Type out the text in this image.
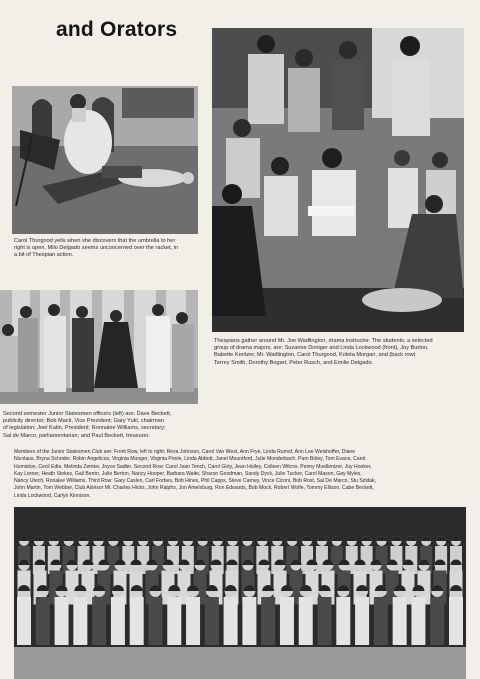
and Orators
Carol Thurgood yells when she discovers that the umbrella to her
right is open. Milo Delgado seems unconcerned over the racket, in
a bit of Thespian action.
Thespians gather around Mr. Joe Wadlington, drama instructor. The students, a selected
group of drama majors, are: Suzanne Doniger and Linda Lockwood (front), Joy Burton,
Babette Kreitzer, Mr. Wadlington, Carol Thurgood, Koleta Morgan, and (back row)
Terrey Smith, Dorothy Bogart, Peter Rusch, and Emilie Delgado.
Second semester Junior Statesmen officers (left) are: Dave Beckett,
publicity director; Bob Mack, Vice President; Gary Yukl, chairman
of legislation; Joel Katin, President; Ronnalee Williams, secretary;
Sal de Marco, parliamentarian; and Paul Beckett, treasurer.
Members of the Junior Statesmen Club are: Front Row, left to right: Reva Johnson, Carol Van West, Ann Frye, Linda Rumof, Ann Lee Welshoffer, Diane
Nicolaus, Bryna Schrider, Robin Angelicos, Virginia Munger, Virginia Poole, Linda Abbott, Janet Mountford, Julie Monderbach, Pam Briley, Tom Evans, Carol
Humiston, Cecil Edie, Melinda Zemke, Joyce Sadler. Second Row: Carol Jean Tench, Carol Girty, Jean Holley, Colleen Wilcox, Penny Muellenizer, Joy Hooker,
Kay Lerner, Heath Stokes, Gail Berrin, Julie Berton, Nancy Hooper, Barbara Waite, Sharon Goodman, Sandy Dyck, Julie Tucker, Carol Mason, Gay Myles,
Nancy Utech, Ronalee Williams. Third Row: Gary Caslen, Carl Forbes, Bob Hines, Phil Capps, Steve Carney, Vince Ciconi, Bob Rost, Sal De Marco, Stu Szidak,
John Martin, Tom Webber, Club Advisor Mr. Charles Hicks, John Ralphs, Jon Amelsburg, Ron Edwards, Bob Mock, Robert Wolfe, Tommy Ellison, Cabe Beckett,
Linda Lockwood, Carlyn Kinnison.
